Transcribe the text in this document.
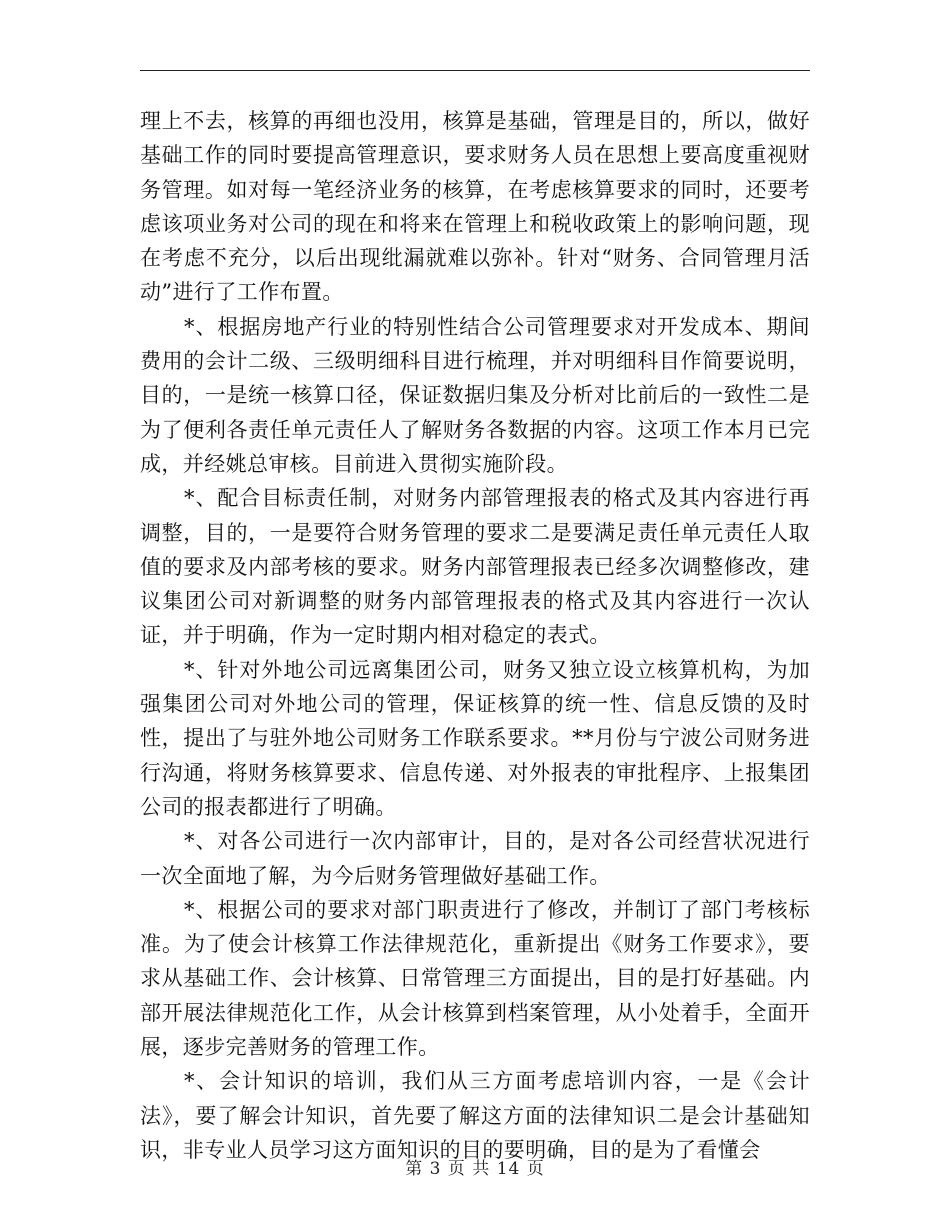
理上不去，核算的再细也没用，核算是基础，管理是目的，所以，做好基础工作的同时要提高管理意识，要求财务人员在思想上要高度重视财务管理。如对每一笔经济业务的核算，在考虑核算要求的同时，还要考虑该项业务对公司的现在和将来在管理上和税收政策上的影响问题，现在考虑不充分，以后出现纰漏就难以弥补。针对“财务、合同管理月活动”进行了工作布置。

*、根据房地产行业的特别性结合公司管理要求对开发成本、期间费用的会计二级、三级明细科目进行梳理，并对明细科目作简要说明，目的，一是统一核算口径，保证数据归集及分析对比前后的一致性二是为了便利各责任单元责任人了解财务各数据的内容。这项工作本月已完成，并经姚总审核。目前进入贯彻实施阶段。

*、配合目标责任制，对财务内部管理报表的格式及其内容进行再调整，目的，一是要符合财务管理的要求二是要满足责任单元责任人取值的要求及内部考核的要求。财务内部管理报表已经多次调整修改，建议集团公司对新调整的财务内部管理报表的格式及其内容进行一次认证，并于明确，作为一定时期内相对稳定的表式。

*、针对外地公司远离集团公司，财务又独立设立核算机构，为加强集团公司对外地公司的管理，保证核算的统一性、信息反馈的及时性，提出了与驻外地公司财务工作联系要求。**月份与宁波公司财务进行沟通，将财务核算要求、信息传递、对外报表的审批程序、上报集团公司的报表都进行了明确。

*、对各公司进行一次内部审计，目的，是对各公司经营状况进行一次全面地了解，为今后财务管理做好基础工作。

*、根据公司的要求对部门职责进行了修改，并制订了部门考核标准。为了使会计核算工作法律规范化，重新提出《财务工作要求》，要求从基础工作、会计核算、日常管理三方面提出，目的是打好基础。内部开展法律规范化工作，从会计核算到档案管理，从小处着手，全面开展，逐步完善财务的管理工作。

*、会计知识的培训，我们从三方面考虑培训内容，一是《会计法》，要了解会计知识，首先要了解这方面的法律知识二是会计基础知识，非专业人员学习这方面知识的目的要明确，目的是为了看懂会

第 3 页 共 14 页
